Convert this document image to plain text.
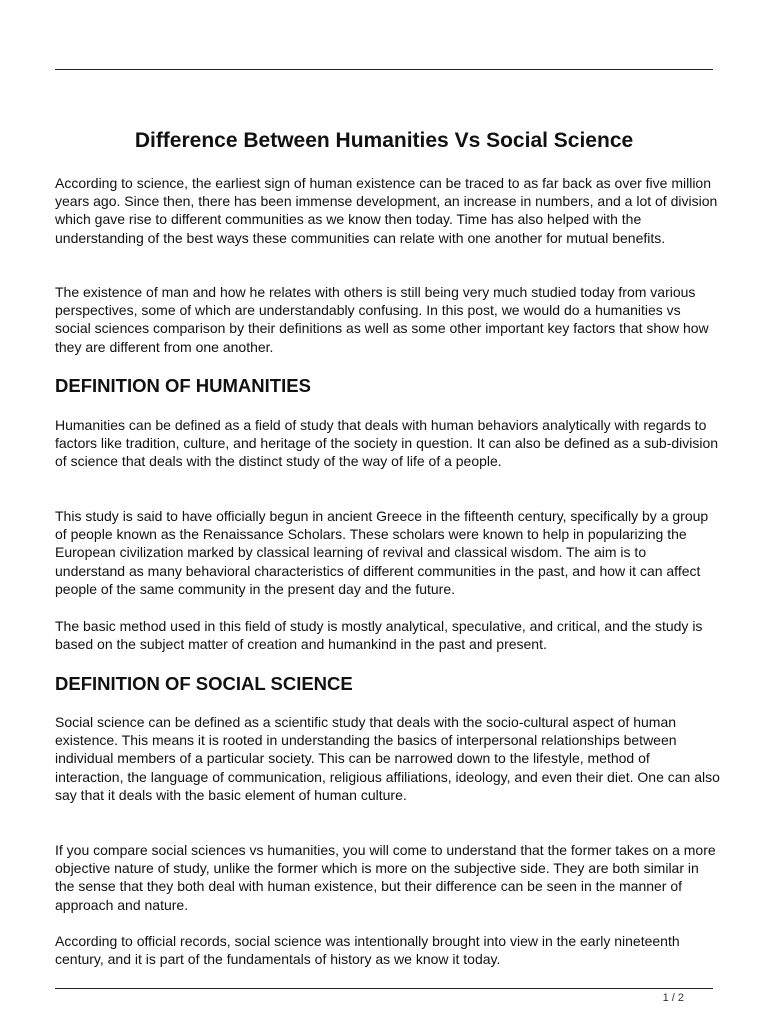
Difference Between Humanities Vs Social Science

According to science, the earliest sign of human existence can be traced to as far back as over five million years ago. Since then, there has been immense development, an increase in numbers, and a lot of division which gave rise to different communities as we know then today. Time has also helped with the understanding of the best ways these communities can relate with one another for mutual benefits.

The existence of man and how he relates with others is still being very much studied today from various perspectives, some of which are understandably confusing. In this post, we would do a humanities vs social sciences comparison by their definitions as well as some other important key factors that show how they are different from one another.

DEFINITION OF HUMANITIES

Humanities can be defined as a field of study that deals with human behaviors analytically with regards to factors like tradition, culture, and heritage of the society in question. It can also be defined as a sub-division of science that deals with the distinct study of the way of life of a people.

This study is said to have officially begun in ancient Greece in the fifteenth century, specifically by a group of people known as the Renaissance Scholars. These scholars were known to help in popularizing the European civilization marked by classical learning of revival and classical wisdom. The aim is to understand as many behavioral characteristics of different communities in the past, and how it can affect people of the same community in the present day and the future.

The basic method used in this field of study is mostly analytical, speculative, and critical, and the study is based on the subject matter of creation and humankind in the past and present.

DEFINITION OF SOCIAL SCIENCE

Social science can be defined as a scientific study that deals with the socio-cultural aspect of human existence. This means it is rooted in understanding the basics of interpersonal relationships between individual members of a particular society. This can be narrowed down to the lifestyle, method of interaction, the language of communication, religious affiliations, ideology, and even their diet. One can also say that it deals with the basic element of human culture.

If you compare social sciences vs humanities, you will come to understand that the former takes on a more objective nature of study, unlike the former which is more on the subjective side. They are both similar in the sense that they both deal with human existence, but their difference can be seen in the manner of approach and nature.

According to official records, social science was intentionally brought into view in the early nineteenth century, and it is part of the fundamentals of history as we know it today.

1 / 2
